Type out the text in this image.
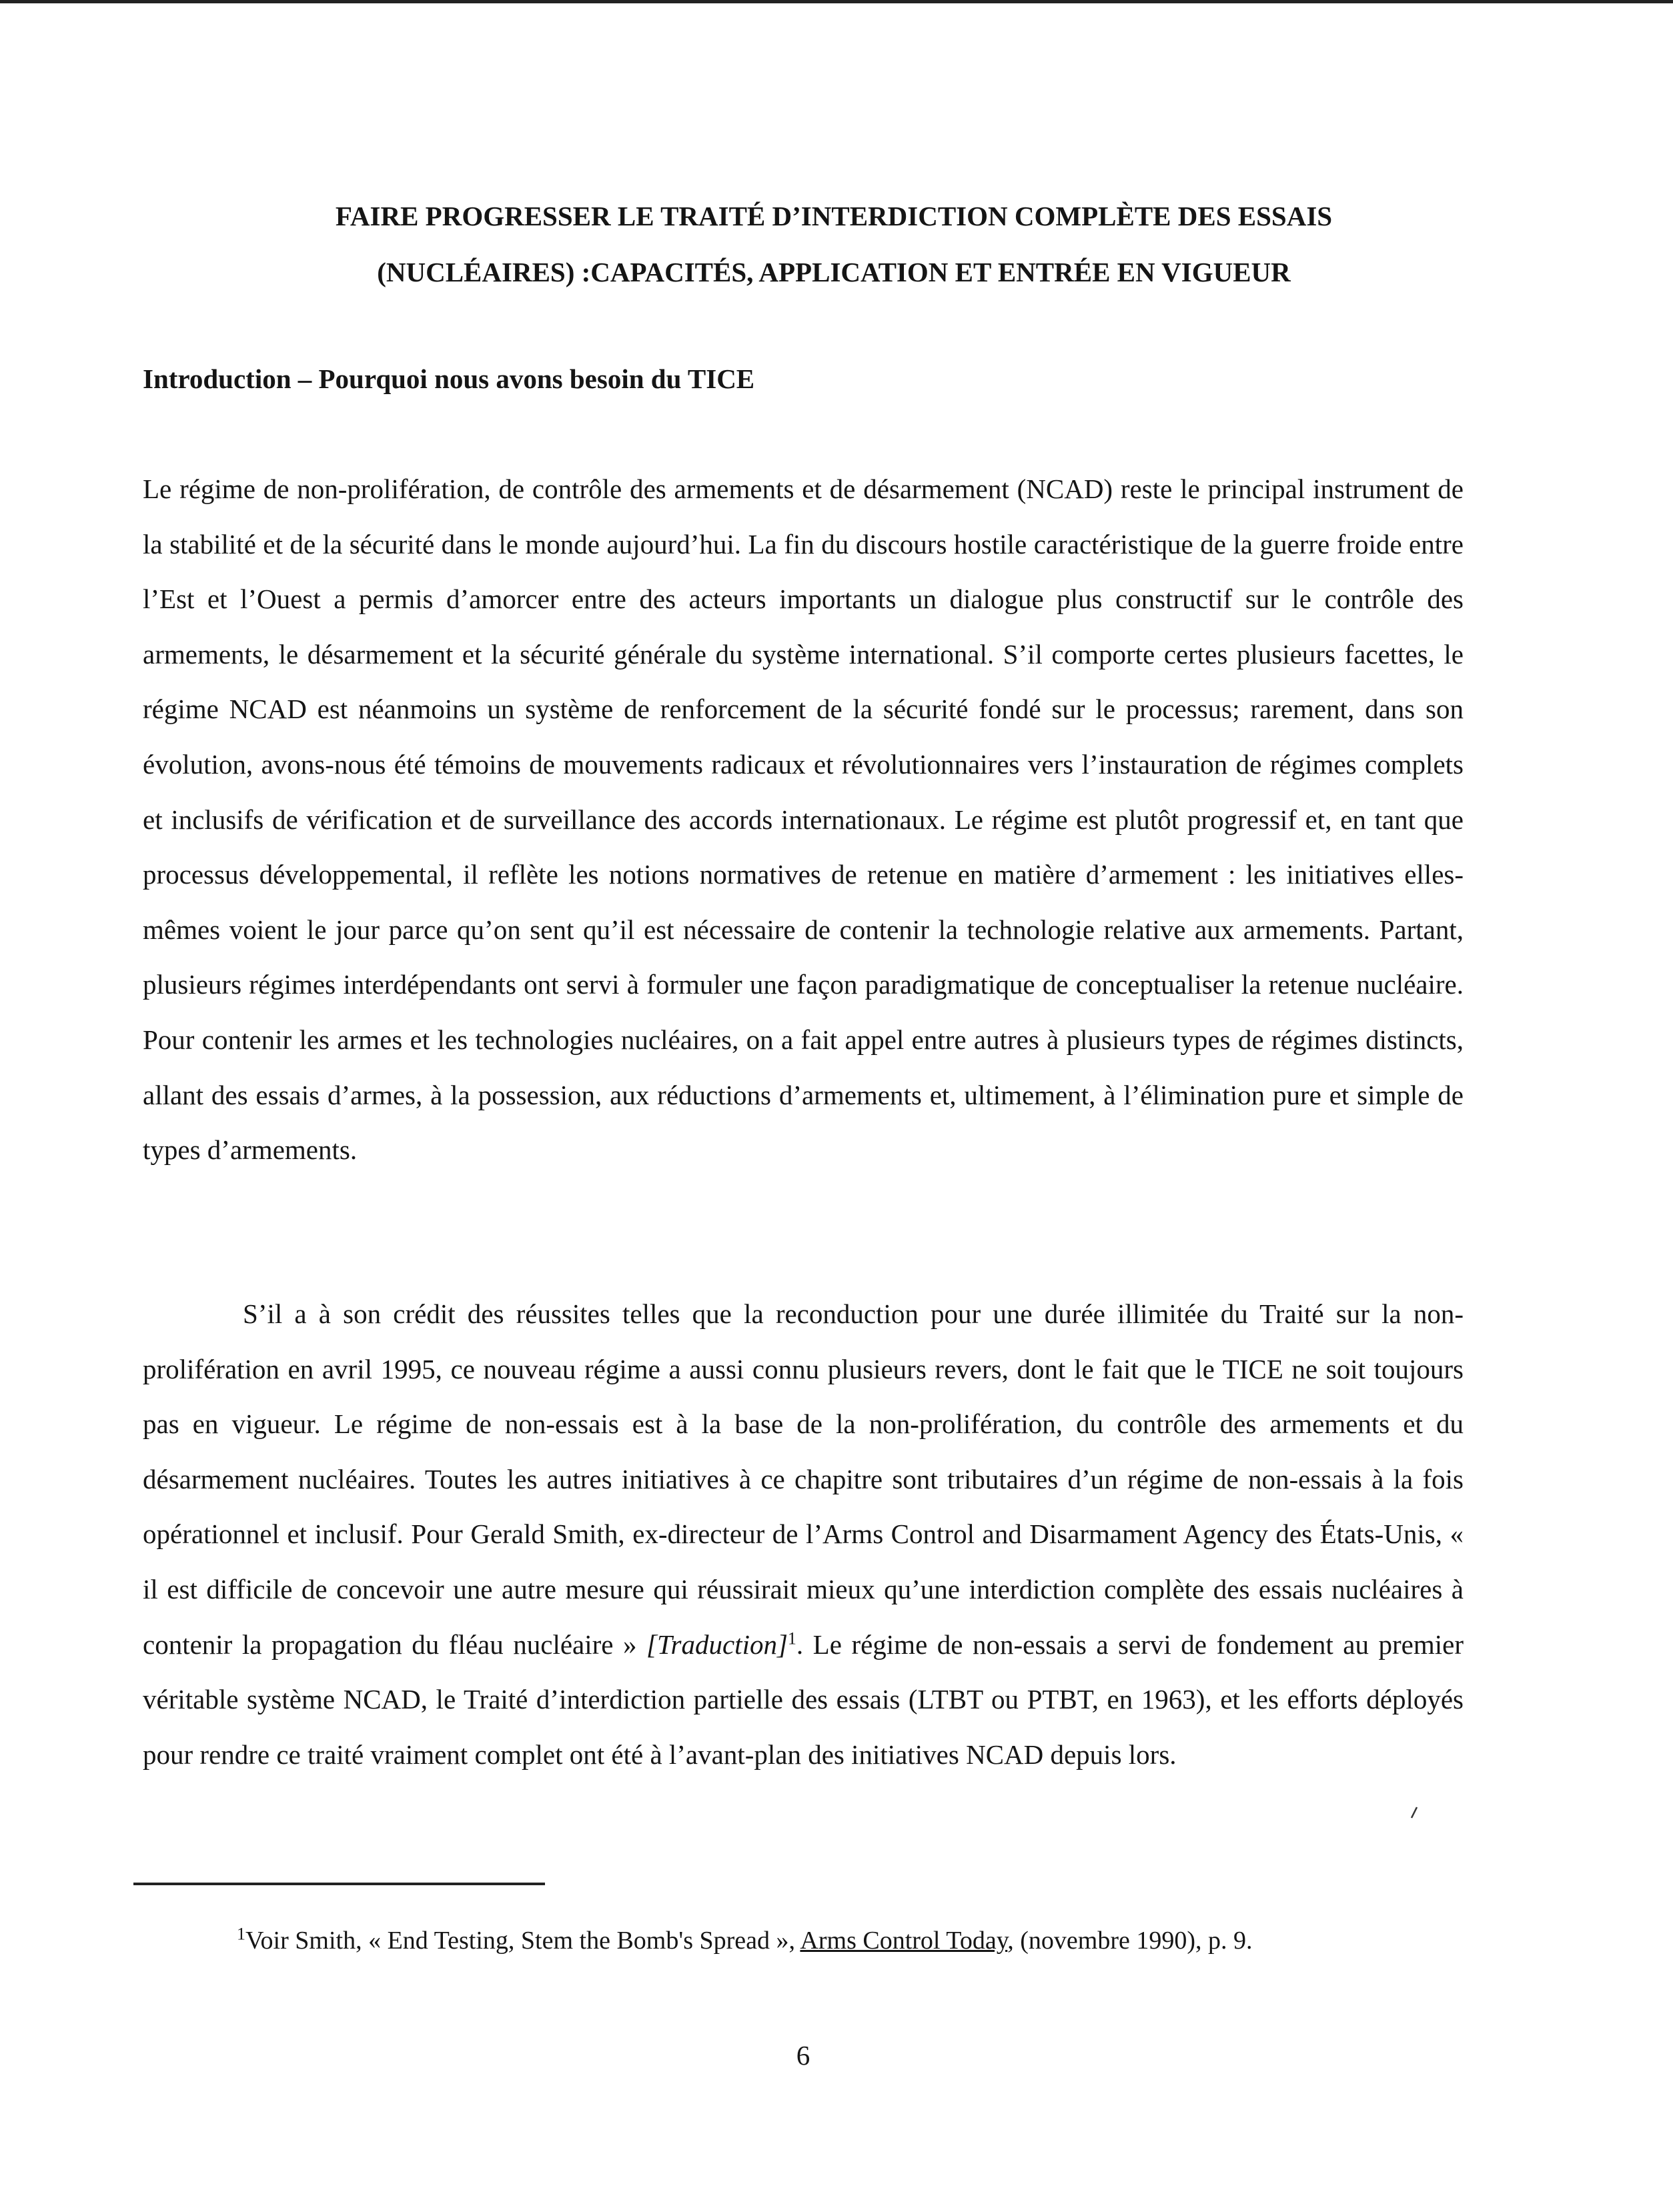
FAIRE PROGRESSER LE TRAITÉ D’INTERDICTION COMPLÈTE DES ESSAIS
(NUCLÉAIRES) :CAPACITÉS, APPLICATION ET ENTRÉE EN VIGUEUR
Introduction – Pourquoi nous avons besoin du TICE

Le régime de non-prolifération, de contrôle des armements et de désarmement (NCAD) reste le principal instrument de la stabilité et de la sécurité dans le monde aujourd’hui. La fin du discours hostile caractéristique de la guerre froide entre l’Est et l’Ouest a permis d’amorcer entre des acteurs importants un dialogue plus constructif sur le contrôle des armements, le désarmement et la sécurité générale du système international. S’il comporte certes plusieurs facettes, le régime NCAD est néanmoins un système de renforcement de la sécurité fondé sur le processus; rarement, dans son évolution, avons-nous été témoins de mouvements radicaux et révolutionnaires vers l’instauration de régimes complets et inclusifs de vérification et de surveillance des accords internationaux. Le régime est plutôt progressif et, en tant que processus développemental, il reflète les notions normatives de retenue en matière d’armement : les initiatives elles-mêmes voient le jour parce qu’on sent qu’il est nécessaire de contenir la technologie relative aux armements. Partant, plusieurs régimes interdépendants ont servi à formuler une façon paradigmatique de conceptualiser la retenue nucléaire. Pour contenir les armes et les technologies nucléaires, on a fait appel entre autres à plusieurs types de régimes distincts, allant des essais d’armes, à la possession, aux réductions d’armements et, ultimement, à l’élimination pure et simple de types d’armements.

S’il a à son crédit des réussites telles que la reconduction pour une durée illimitée du Traité sur la non-prolifération en avril 1995, ce nouveau régime a aussi connu plusieurs revers, dont le fait que le TICE ne soit toujours pas en vigueur. Le régime de non-essais est à la base de la non-prolifération, du contrôle des armements et du désarmement nucléaires. Toutes les autres initiatives à ce chapitre sont tributaires d’un régime de non-essais à la fois opérationnel et inclusif. Pour Gerald Smith, ex-directeur de l’Arms Control and Disarmament Agency des États-Unis, « il est difficile de concevoir une autre mesure qui réussirait mieux qu’une interdiction complète des essais nucléaires à contenir la propagation du fléau nucléaire » [Traduction]$^1$. Le régime de non-essais a servi de fondement au premier véritable système NCAD, le Traité d’interdiction partielle des essais (LTBT ou PTBT, en 1963), et les efforts déployés pour rendre ce traité vraiment complet ont été à l’avant-plan des initiatives NCAD depuis lors.

$^1$Voir Smith, « End Testing, Stem the Bomb's Spread », Arms Control Today, (novembre 1990), p. 9.
6
